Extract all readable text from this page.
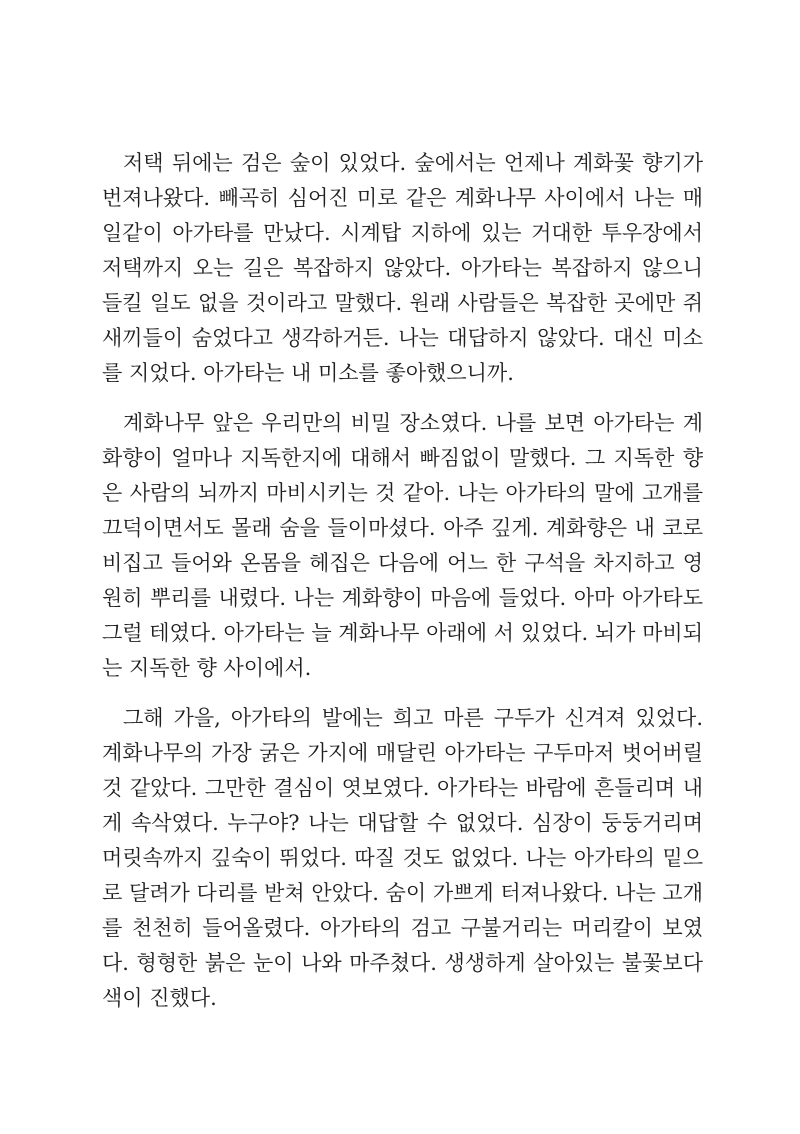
저택 뒤에는 검은 숲이 있었다. 숲에서는 언제나 계화꽃 향기가 번져나왔다. 빼곡히 심어진 미로 같은 계화나무 사이에서 나는 매일같이 아가타를 만났다. 시계탑 지하에 있는 거대한 투우장에서 저택까지 오는 길은 복잡하지 않았다. 아가타는 복잡하지 않으니 들킬 일도 없을 것이라고 말했다. 원래 사람들은 복잡한 곳에만 쥐새끼들이 숨었다고 생각하거든. 나는 대답하지 않았다. 대신 미소를 지었다. 아가타는 내 미소를 좋아했으니까.

계화나무 앞은 우리만의 비밀 장소였다. 나를 보면 아가타는 계화향이 얼마나 지독한지에 대해서 빠짐없이 말했다. 그 지독한 향은 사람의 뇌까지 마비시키는 것 같아. 나는 아가타의 말에 고개를 끄덕이면서도 몰래 숨을 들이마셨다. 아주 깊게. 계화향은 내 코로 비집고 들어와 온몸을 헤집은 다음에 어느 한 구석을 차지하고 영원히 뿌리를 내렸다. 나는 계화향이 마음에 들었다. 아마 아가타도 그럴 테였다. 아가타는 늘 계화나무 아래에 서 있었다. 뇌가 마비되는 지독한 향 사이에서.

그해 가을, 아가타의 발에는 희고 마른 구두가 신겨져 있었다. 계화나무의 가장 굵은 가지에 매달린 아가타는 구두마저 벗어버릴 것 같았다. 그만한 결심이 엿보였다. 아가타는 바람에 흔들리며 내게 속삭였다. 누구야? 나는 대답할 수 없었다. 심장이 둥둥거리며 머릿속까지 깊숙이 뛰었다. 따질 것도 없었다. 나는 아가타의 밑으로 달려가 다리를 받쳐 안았다. 숨이 가쁘게 터져나왔다. 나는 고개를 천천히 들어올렸다. 아가타의 검고 구불거리는 머리칼이 보였다. 형형한 붉은 눈이 나와 마주쳤다. 생생하게 살아있는 불꽃보다 색이 진했다.
